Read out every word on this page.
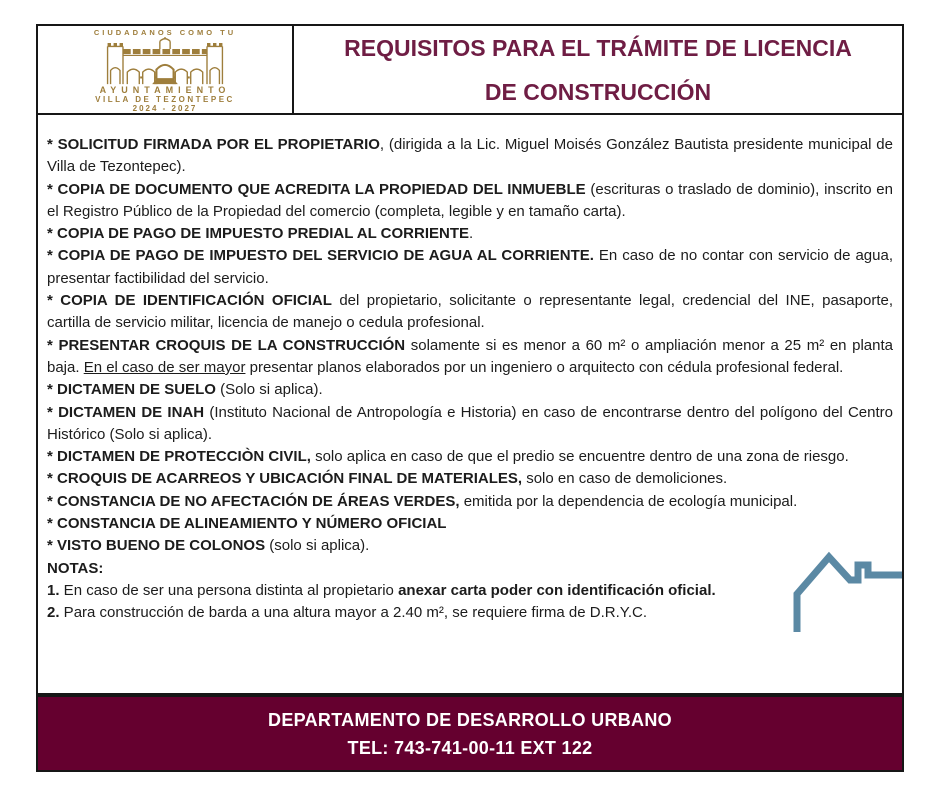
CIUDADANOS COMO TU
AYUNTAMIENTO
VILLA DE TEZONTEPEC
2024 - 2027
REQUISITOS PARA EL TRÁMITE DE LICENCIA
DE CONSTRUCCIÓN
* SOLICITUD FIRMADA POR EL PROPIETARIO, (dirigida a la Lic. Miguel Moisés González Bautista presidente municipal de Villa de Tezontepec).
* COPIA DE DOCUMENTO QUE ACREDITA LA PROPIEDAD DEL INMUEBLE (escrituras o traslado de dominio), inscrito en el Registro Público de la Propiedad del comercio (completa, legible y en tamaño carta).
* COPIA DE PAGO DE IMPUESTO PREDIAL AL CORRIENTE.
* COPIA DE PAGO DE IMPUESTO DEL SERVICIO DE AGUA AL CORRIENTE. En caso de no contar con servicio de agua, presentar factibilidad del servicio.
* COPIA DE IDENTIFICACIÓN OFICIAL del propietario, solicitante o representante legal, credencial del INE, pasaporte, cartilla de servicio militar, licencia de manejo o cedula profesional.
* PRESENTAR CROQUIS DE LA CONSTRUCCIÓN solamente si es menor a 60 m² o ampliación menor a 25 m² en planta baja. En el caso de ser mayor presentar planos elaborados por un ingeniero o arquitecto con cédula profesional federal.
* DICTAMEN DE SUELO (Solo si aplica).
* DICTAMEN DE INAH (Instituto Nacional de Antropología e Historia) en caso de encontrarse dentro del polígono del Centro Histórico (Solo si aplica).
* DICTAMEN DE PROTECCIÒN CIVIL, solo aplica en caso de que el predio se encuentre dentro de una zona de riesgo.
* CROQUIS DE ACARREOS Y UBICACIÓN FINAL DE MATERIALES, solo en caso de demoliciones.
* CONSTANCIA DE NO AFECTACIÓN DE ÁREAS VERDES, emitida por la dependencia de ecología municipal.
* CONSTANCIA DE ALINEAMIENTO Y NÚMERO OFICIAL
* VISTO BUENO DE COLONOS (solo si aplica).
NOTAS:
1. En caso de ser una persona distinta al propietario anexar carta poder con identificación oficial.
2. Para construcción de barda a una altura mayor a 2.40 m², se requiere firma de D.R.Y.C.
DEPARTAMENTO DE DESARROLLO URBANO
TEL: 743-741-00-11 EXT 122
